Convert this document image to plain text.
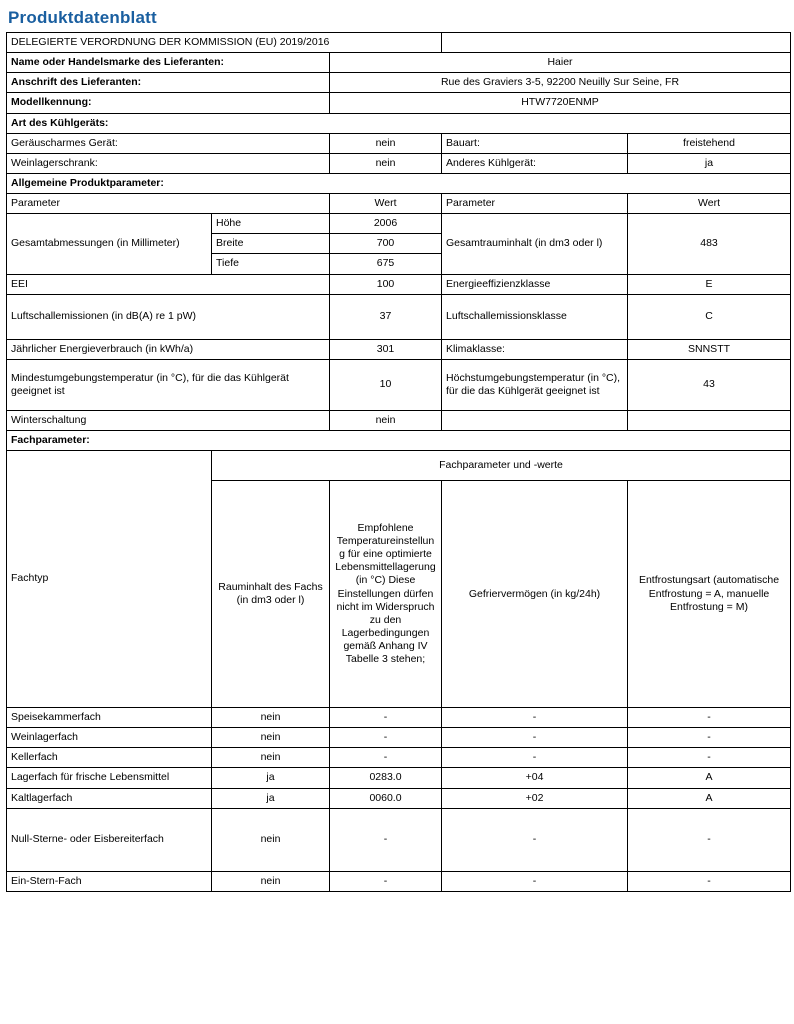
Produktdatenblatt
DELEGIERTE VERORDNUNG DER KOMMISSION (EU) 2019/2016				
Name oder Handelsmarke des Lieferanten:		Haier		
Anschrift des Lieferanten:		Rue des Graviers 3-5, 92200 Neuilly Sur Seine, FR		
Modellkennung:		HTW7720ENMP		
Art des Kühlgeräts:				
Geräuscharmes Gerät:		nein	Bauart:	freistehend
Weinlagerschrank:		nein	Anderes Kühlgerät:	ja
Allgemeine Produktparameter:				
Parameter		Wert	Parameter	Wert
Gesamtabmessungen (in Millimeter)	Höhe	2006	Gesamtrauminhalt (in dm3 oder l)	483
	Breite	700		
	Tiefe	675		
EEI		100	Energieeffizienzklasse	E
Luftschallemissionen (in dB(A) re 1 pW)		37	Luftschallemissionsklasse	C
Jährlicher Energieverbrauch (in kWh/a)		301	Klimaklasse:	SNNSTT
Mindestumgebungstemperatur (in °C), für die das Kühlgerät geeignet ist		10	Höchstumgebungstemperatur (in °C), für die das Kühlgerät geeignet ist	43
Winterschaltung		nein		
Fachparameter:				
Fachtyp	Fachparameter und -werte			
	Rauminhalt des Fachs (in dm3 oder l)	Empfohlene Temperatureinstellung für eine optimierte Lebensmittellagerung (in °C) Diese Einstellungen dürfen nicht im Widerspruch zu den Lagerbedingungen gemäß Anhang IV Tabelle 3 stehen;	Gefriervermögen (in kg/24h)	Entfrostungsart (automatische Entfrostung = A, manuelle Entfrostung = M)
Speisekammerfach	nein	-	-	-
Weinlagerfach	nein	-	-	-
Kellerfach	nein	-	-	-
Lagerfach für frische Lebensmittel	ja	0283.0	+04	A
Kaltlagerfach	ja	0060.0	+02	A
Null-Sterne- oder Eisbereiterfach	nein	-	-	-
Ein-Stern-Fach	nein	-	-	-
